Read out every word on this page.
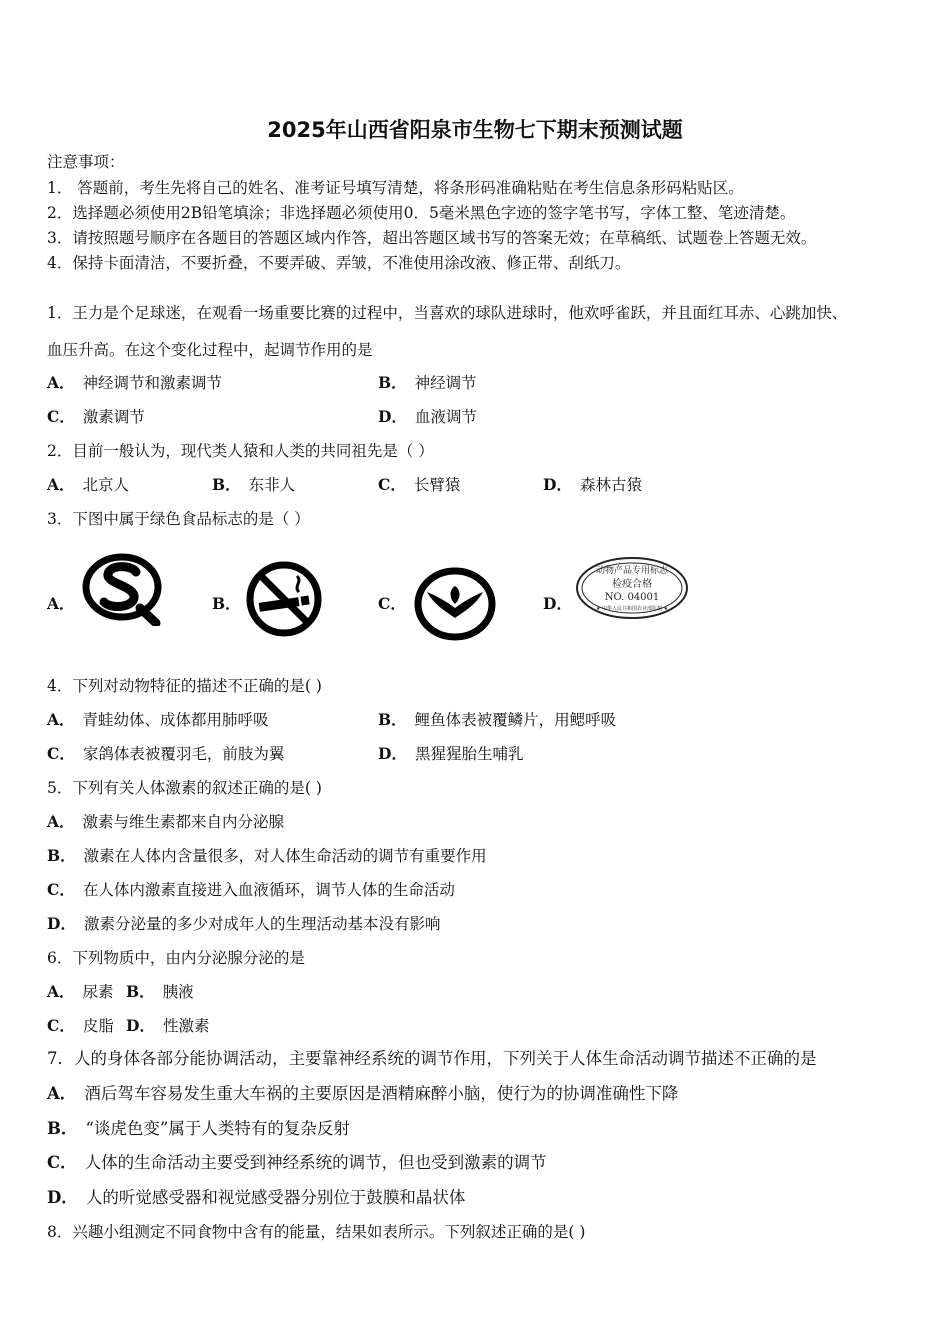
2025年山西省阳泉市生物七下期末预测试题
注意事项：
1． 答题前，考生先将自己的姓名、准考证号填写清楚，将条形码准确粘贴在考生信息条形码粘贴区。
2．选择题必须使用2B铅笔填涂；非选择题必须使用0．5毫米黑色字迹的签字笔书写，字体工整、笔迹清楚。
3．请按照题号顺序在各题目的答题区域内作答，超出答题区域书写的答案无效；在草稿纸、试题卷上答题无效。
4．保持卡面清洁，不要折叠，不要弄破、弄皱，不准使用涂改液、修正带、刮纸刀。
1．王力是个足球迷，在观看一场重要比赛的过程中，当喜欢的球队进球时，他欢呼雀跃，并且面红耳赤、心跳加快、
血压升高。在这个变化过程中，起调节作用的是
A． 神经调节和激素调节	B． 神经调节
C． 激素调节	D． 血液调节
2．目前一般认为，现代类人猿和人类的共同祖先是（ ）
A． 北京人	B． 东非人	C． 长臂猿	D． 森林古猿
3．下图中属于绿色食品标志的是（ ）
A．	B．	C．	D．
动物产品专用标志
检疫合格
NO. 04001
★ 中华人民共和国农业部监制 ★
4．下列对动物特征的描述不正确的是( )
A． 青蛙幼体、成体都用肺呼吸	B． 鲤鱼体表被覆鳞片，用鳃呼吸
C． 家鸽体表被覆羽毛，前肢为翼	D． 黑猩猩胎生哺乳
5．下列有关人体激素的叙述正确的是( )
A． 激素与维生素都来自内分泌腺
B． 激素在人体内含量很多，对人体生命活动的调节有重要作用
C． 在人体内激素直接进入血液循环，调节人体的生命活动
D． 激素分泌量的多少对成年人的生理活动基本没有影响
6．下列物质中，由内分泌腺分泌的是
A． 尿素 B． 胰液
C． 皮脂 D． 性激素
7．人的身体各部分能协调活动，主要靠神经系统的调节作用，下列关于人体生命活动调节描述不正确的是
A． 酒后驾车容易发生重大车祸的主要原因是酒精麻醉小脑，使行为的协调准确性下降
B． “谈虎色变”属于人类特有的复杂反射
C． 人体的生命活动主要受到神经系统的调节，但也受到激素的调节
D． 人的听觉感受器和视觉感受器分别位于鼓膜和晶状体
8．兴趣小组测定不同食物中含有的能量，结果如表所示。下列叙述正确的是( )
